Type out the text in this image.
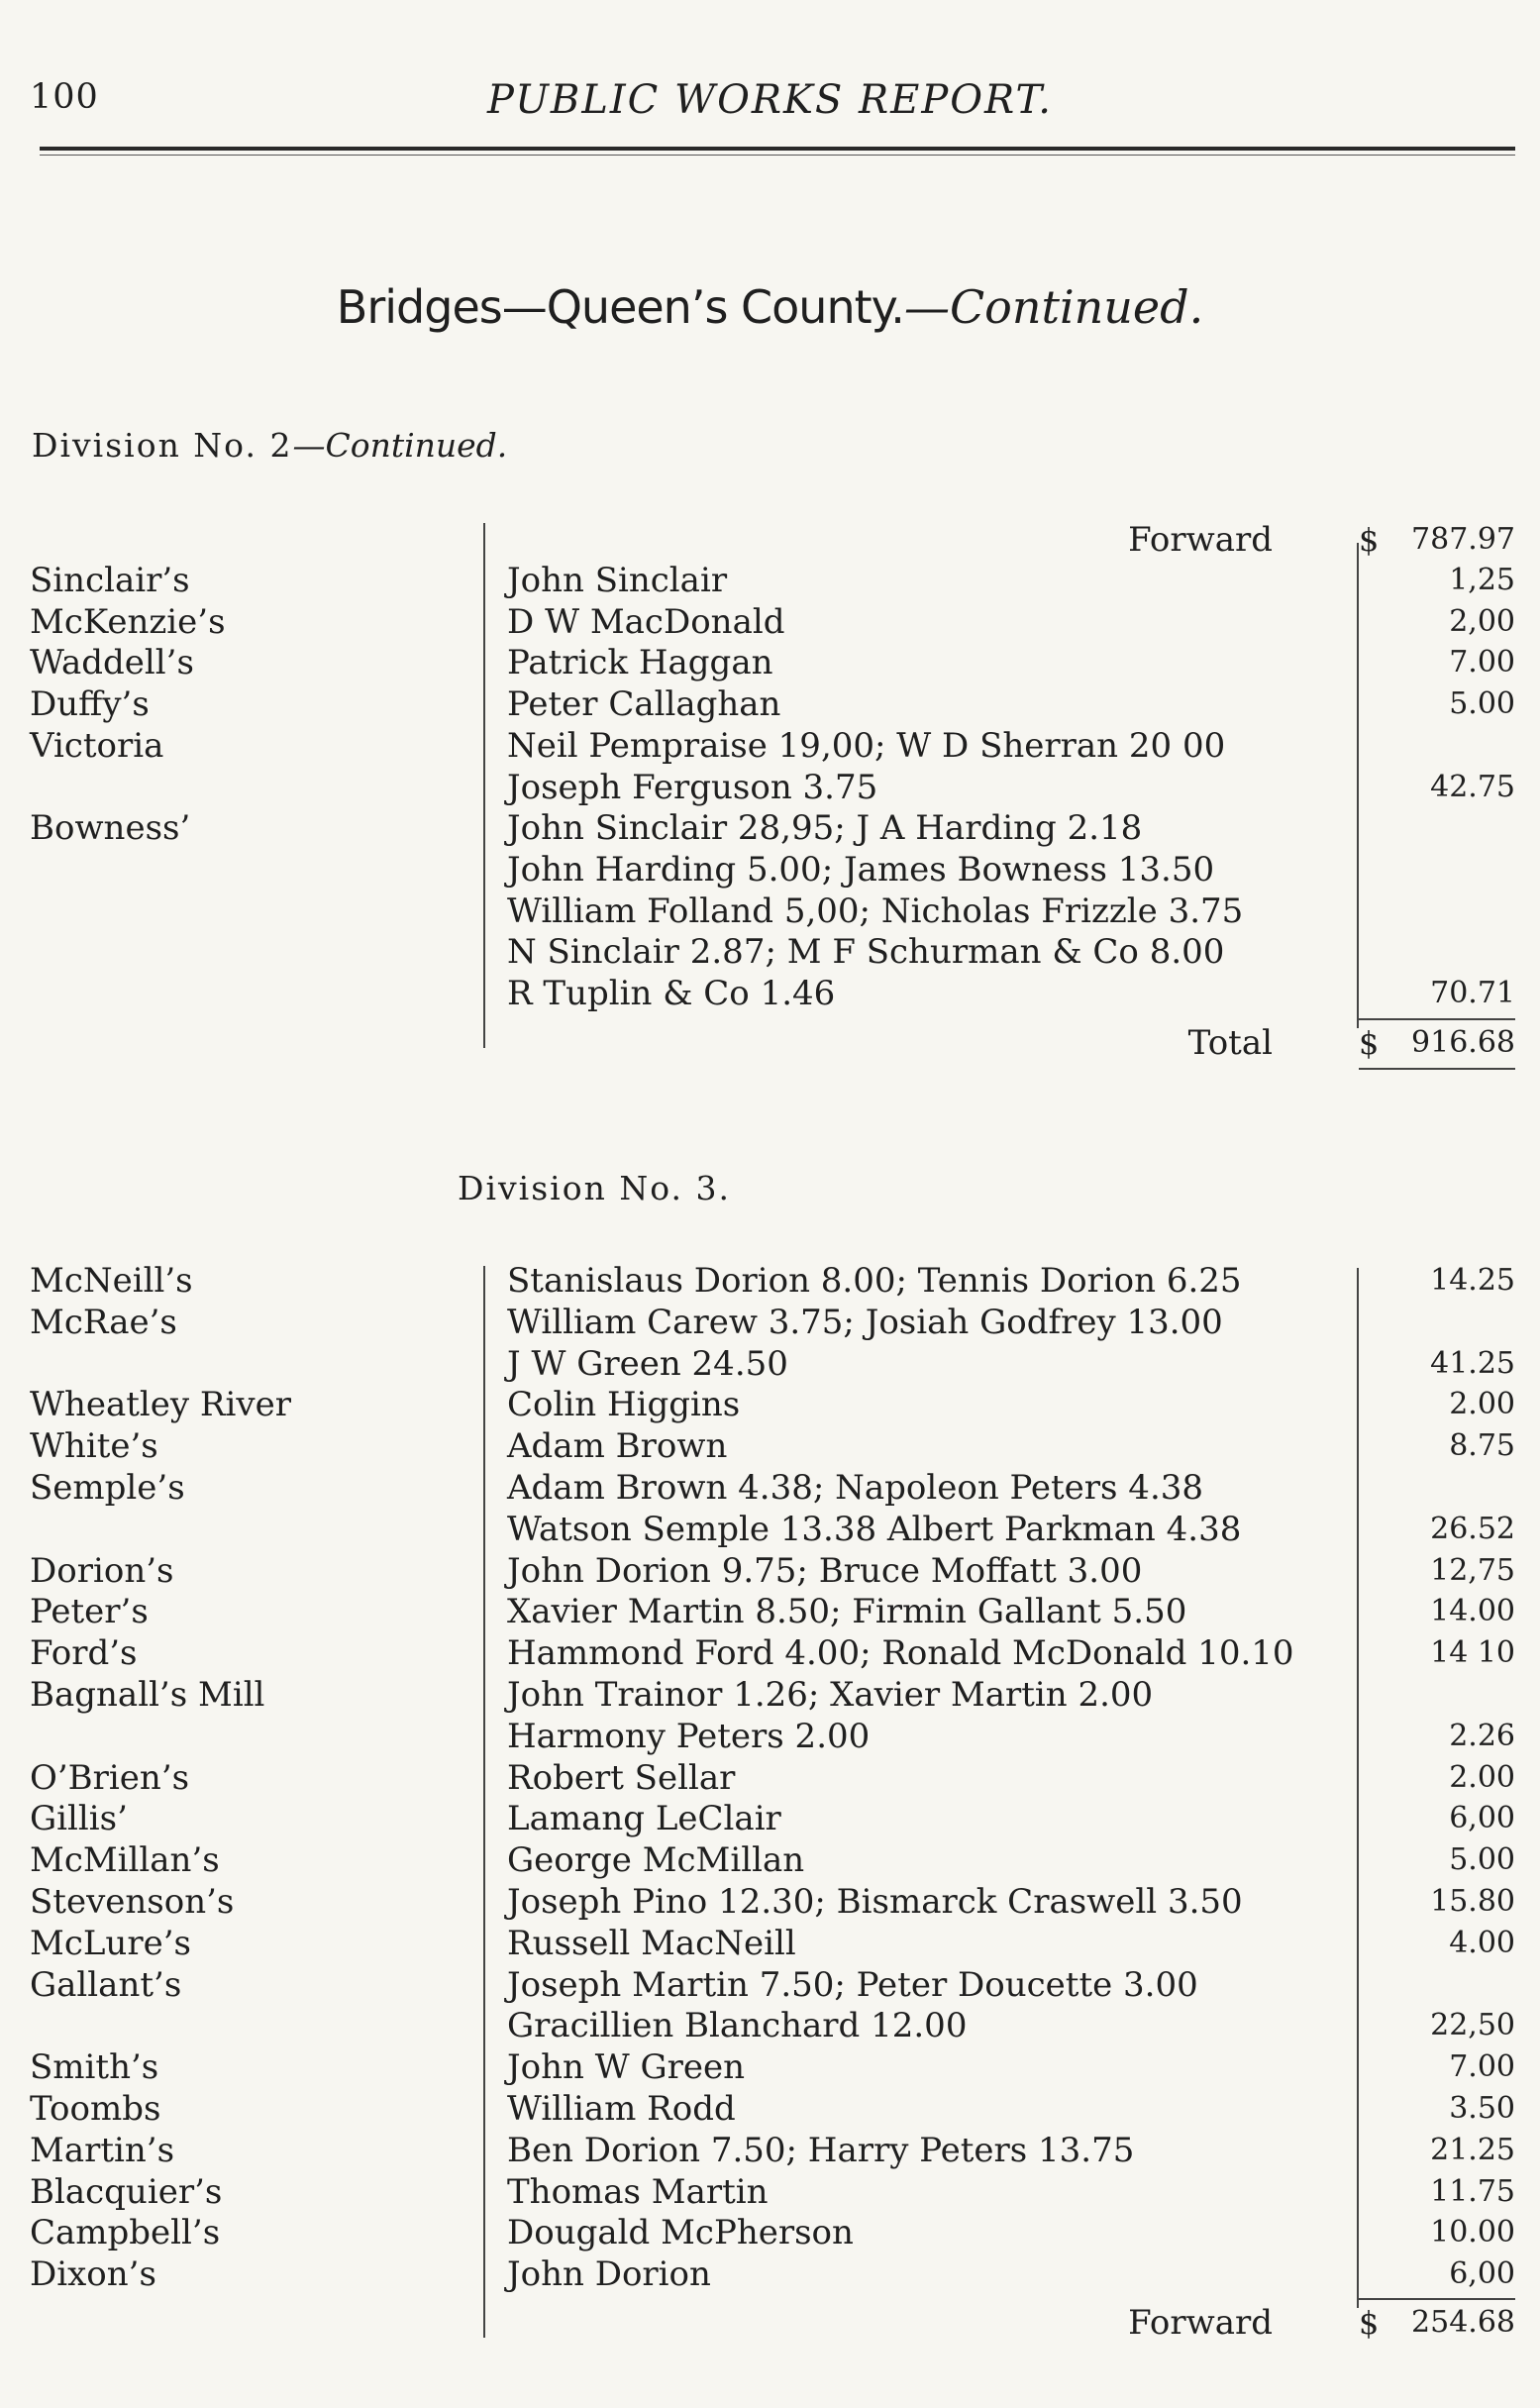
100	PUBLIC WORKS REPORT.
Bridges—Queen’s County.—Continued.
Division No. 2—Continued.
Forward	$ 787.97
Sinclair’s	John Sinclair	1,25
McKenzie’s	D W MacDonald	2,00
Waddell’s	Patrick Haggan	7.00
Duffy’s	Peter Callaghan	5.00
Victoria	Neil Pempraise 19,00; W D Sherran 20 00
Joseph Ferguson 3.75	42.75
Bowness’	John Sinclair 28,95; J A Harding 2.18
John Harding 5.00; James Bowness 13.50
William Folland 5,00; Nicholas Frizzle 3.75
N Sinclair 2.87; M F Schurman & Co 8.00
R Tuplin & Co 1.46	70.71
Total	$ 916.68
Division No. 3.
McNeill’s	Stanislaus Dorion 8.00; Tennis Dorion 6.25	14.25
McRae’s	William Carew 3.75; Josiah Godfrey 13.00
J W Green 24.50	41.25
Wheatley River	Colin Higgins	2.00
White’s	Adam Brown	8.75
Semple’s	Adam Brown 4.38; Napoleon Peters 4.38
Watson Semple 13.38 Albert Parkman 4.38	26.52
Dorion’s	John Dorion 9.75; Bruce Moffatt 3.00	12,75
Peter’s	Xavier Martin 8.50; Firmin Gallant 5.50	14.00
Ford’s	Hammond Ford 4.00; Ronald McDonald 10.10	14 10
Bagnall’s Mill	John Trainor 1.26; Xavier Martin 2.00
Harmony Peters 2.00	2.26
O’Brien’s	Robert Sellar	2.00
Gillis’	Lamang LeClair	6,00
McMillan’s	George McMillan	5.00
Stevenson’s	Joseph Pino 12.30; Bismarck Craswell 3.50	15.80
McLure’s	Russell MacNeill	4.00
Gallant’s	Joseph Martin 7.50; Peter Doucette 3.00
Gracillien Blanchard 12.00	22,50
Smith’s	John W Green	7.00
Toombs	William Rodd	3.50
Martin’s	Ben Dorion 7.50; Harry Peters 13.75	21.25
Blacquier’s	Thomas Martin	11.75
Campbell’s	Dougald McPherson	10.00
Dixon’s	John Dorion	6,00
Forward	$ 254.68
